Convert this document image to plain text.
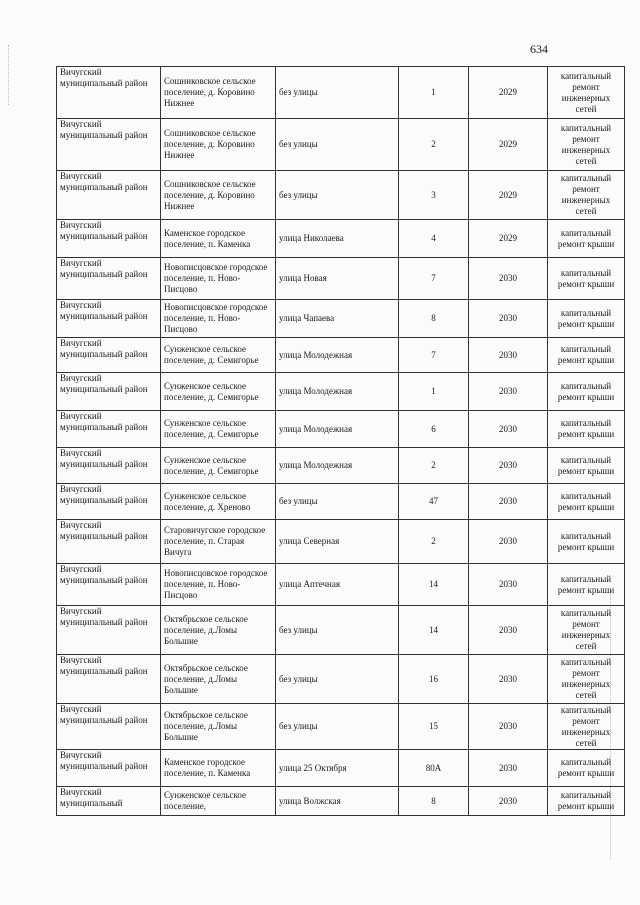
634
Вичугский муниципальный район	Сошниковское сельское поселение, д. Коровино Нижнее	без улицы	1	2029	капитальный ремонт инженерных сетей
Вичугский муниципальный район	Сошниковское сельское поселение, д. Коровино Нижнее	без улицы	2	2029	капитальный ремонт инженерных сетей
Вичугский муниципальный район	Сошниковское сельское поселение, д. Коровино Нижнее	без улицы	3	2029	капитальный ремонт инженерных сетей
Вичугский муниципальный район	Каменское городское поселение, п. Каменка	улица Николаева	4	2029	капитальный ремонт крыши
Вичугский муниципальный район	Новописцовское городское поселение, п. Ново-Писцово	улица Новая	7	2030	капитальный ремонт крыши
Вичугский муниципальный район	Новописцовское городское поселение, п. Ново-Писцово	улица Чапаева	8	2030	капитальный ремонт крыши
Вичугский муниципальный район	Сунженское сельское поселение, д. Семигорье	улица Молодежная	7	2030	капитальный ремонт крыши
Вичугский муниципальный район	Сунженское сельское поселение, д. Семигорье	улица Молодежная	1	2030	капитальный ремонт крыши
Вичугский муниципальный район	Сунженское сельское поселение, д. Семигорье	улица Молодежная	6	2030	капитальный ремонт крыши
Вичугский муниципальный район	Сунженское сельское поселение, д. Семигорье	улица Молодежная	2	2030	капитальный ремонт крыши
Вичугский муниципальный район	Сунженское сельское поселение, д. Хреново	без улицы	47	2030	капитальный ремонт крыши
Вичугский муниципальный район	Старовичугское городское поселение, п. Старая Вичуга	улица Северная	2	2030	капитальный ремонт крыши
Вичугский муниципальный район	Новописцовское городское поселение, п. Ново-Писцово	улица Аптечная	14	2030	капитальный ремонт крыши
Вичугский муниципальный район	Октябрьское сельское поселение, д.Ломы Большие	без улицы	14	2030	капитальный ремонт инженерных сетей
Вичугский муниципальный район	Октябрьское сельское поселение, д.Ломы Большие	без улицы	16	2030	капитальный ремонт инженерных сетей
Вичугский муниципальный район	Октябрьское сельское поселение, д.Ломы Большие	без улицы	15	2030	капитальный ремонт инженерных сетей
Вичугский муниципальный район	Каменское городское поселение, п. Каменка	улица 25 Октября	80А	2030	капитальный ремонт крыши
Вичугский муниципальный	Сунженское сельское поселение,	улица Волжская	8	2030	капитальный ремонт крыши
